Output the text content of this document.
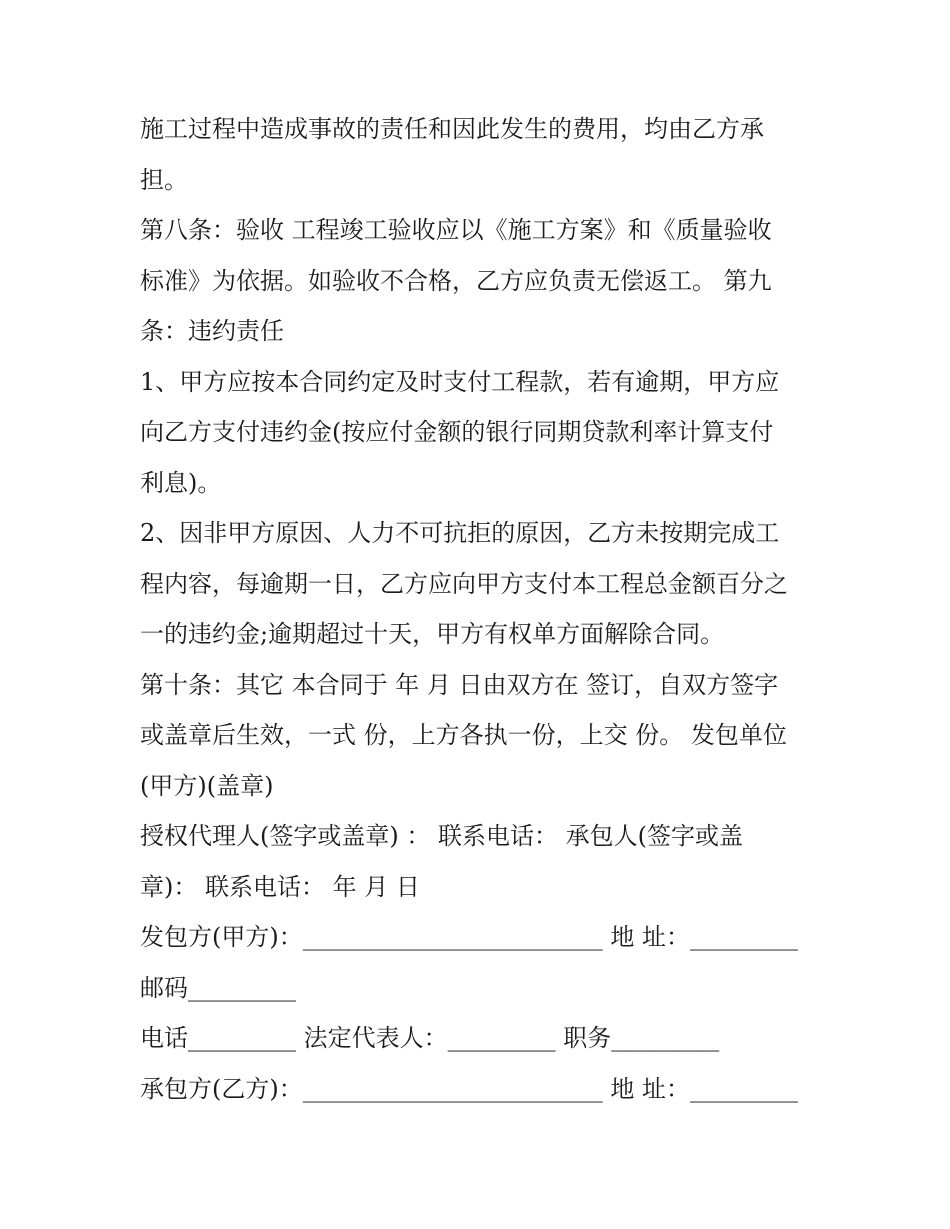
施工过程中造成事故的责任和因此发生的费用，均由乙方承
担。
第八条：验收 工程竣工验收应以《施工方案》和《质量验收
标准》为依据。如验收不合格，乙方应负责无偿返工。 第九
条：违约责任
1、甲方应按本合同约定及时支付工程款，若有逾期，甲方应
向乙方支付违约金(按应付金额的银行同期贷款利率计算支付
利息)。
2、因非甲方原因、人力不可抗拒的原因，乙方未按期完成工
程内容，每逾期一日，乙方应向甲方支付本工程总金额百分之
一的违约金;逾期超过十天，甲方有权单方面解除合同。
第十条：其它 本合同于 年 月 日由双方在 签订，自双方签字
或盖章后生效，一式 份，上方各执一份，上交 份。 发包单位
(甲方)(盖章)
授权代理人(签字或盖章) ： 联系电话： 承包人(签字或盖
章)： 联系电话： 年 月 日
发包方(甲方)：_________________________ 地 址：_________
邮码_________
电话_________ 法定代表人：_________ 职务_________
承包方(乙方)：_________________________ 地 址：_________
